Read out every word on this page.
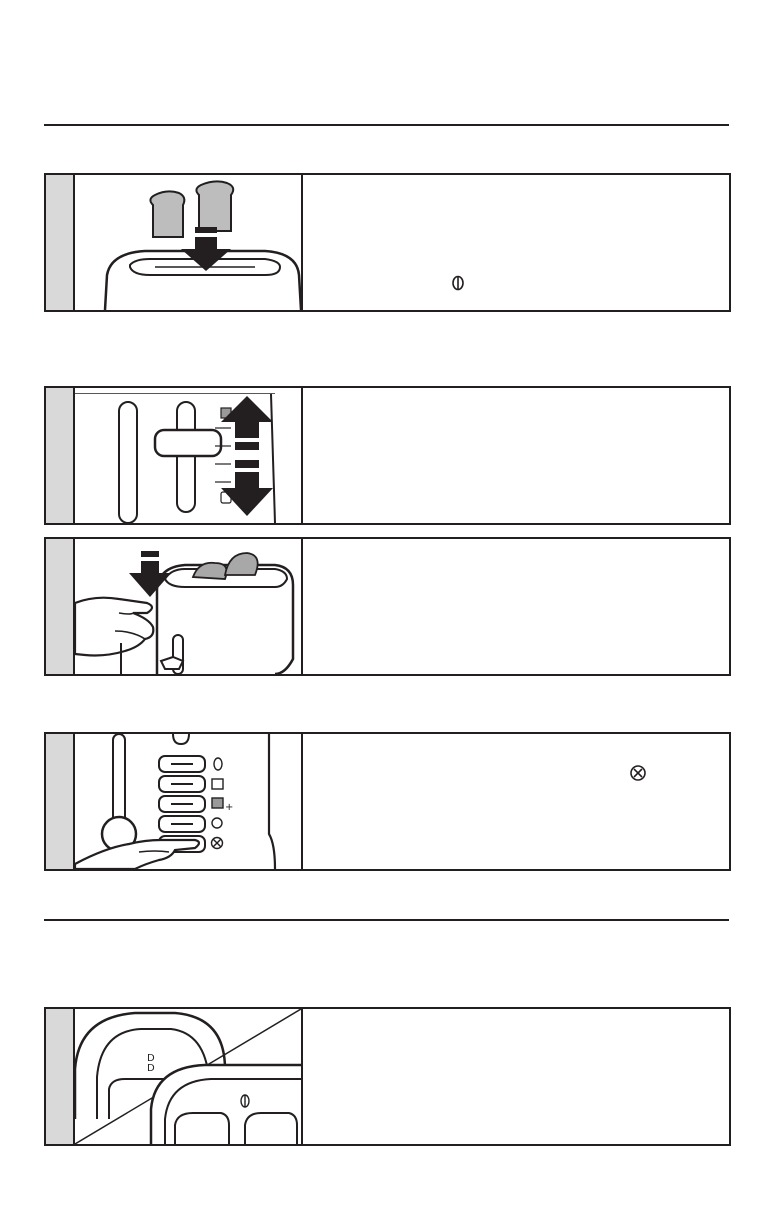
+
D
D
